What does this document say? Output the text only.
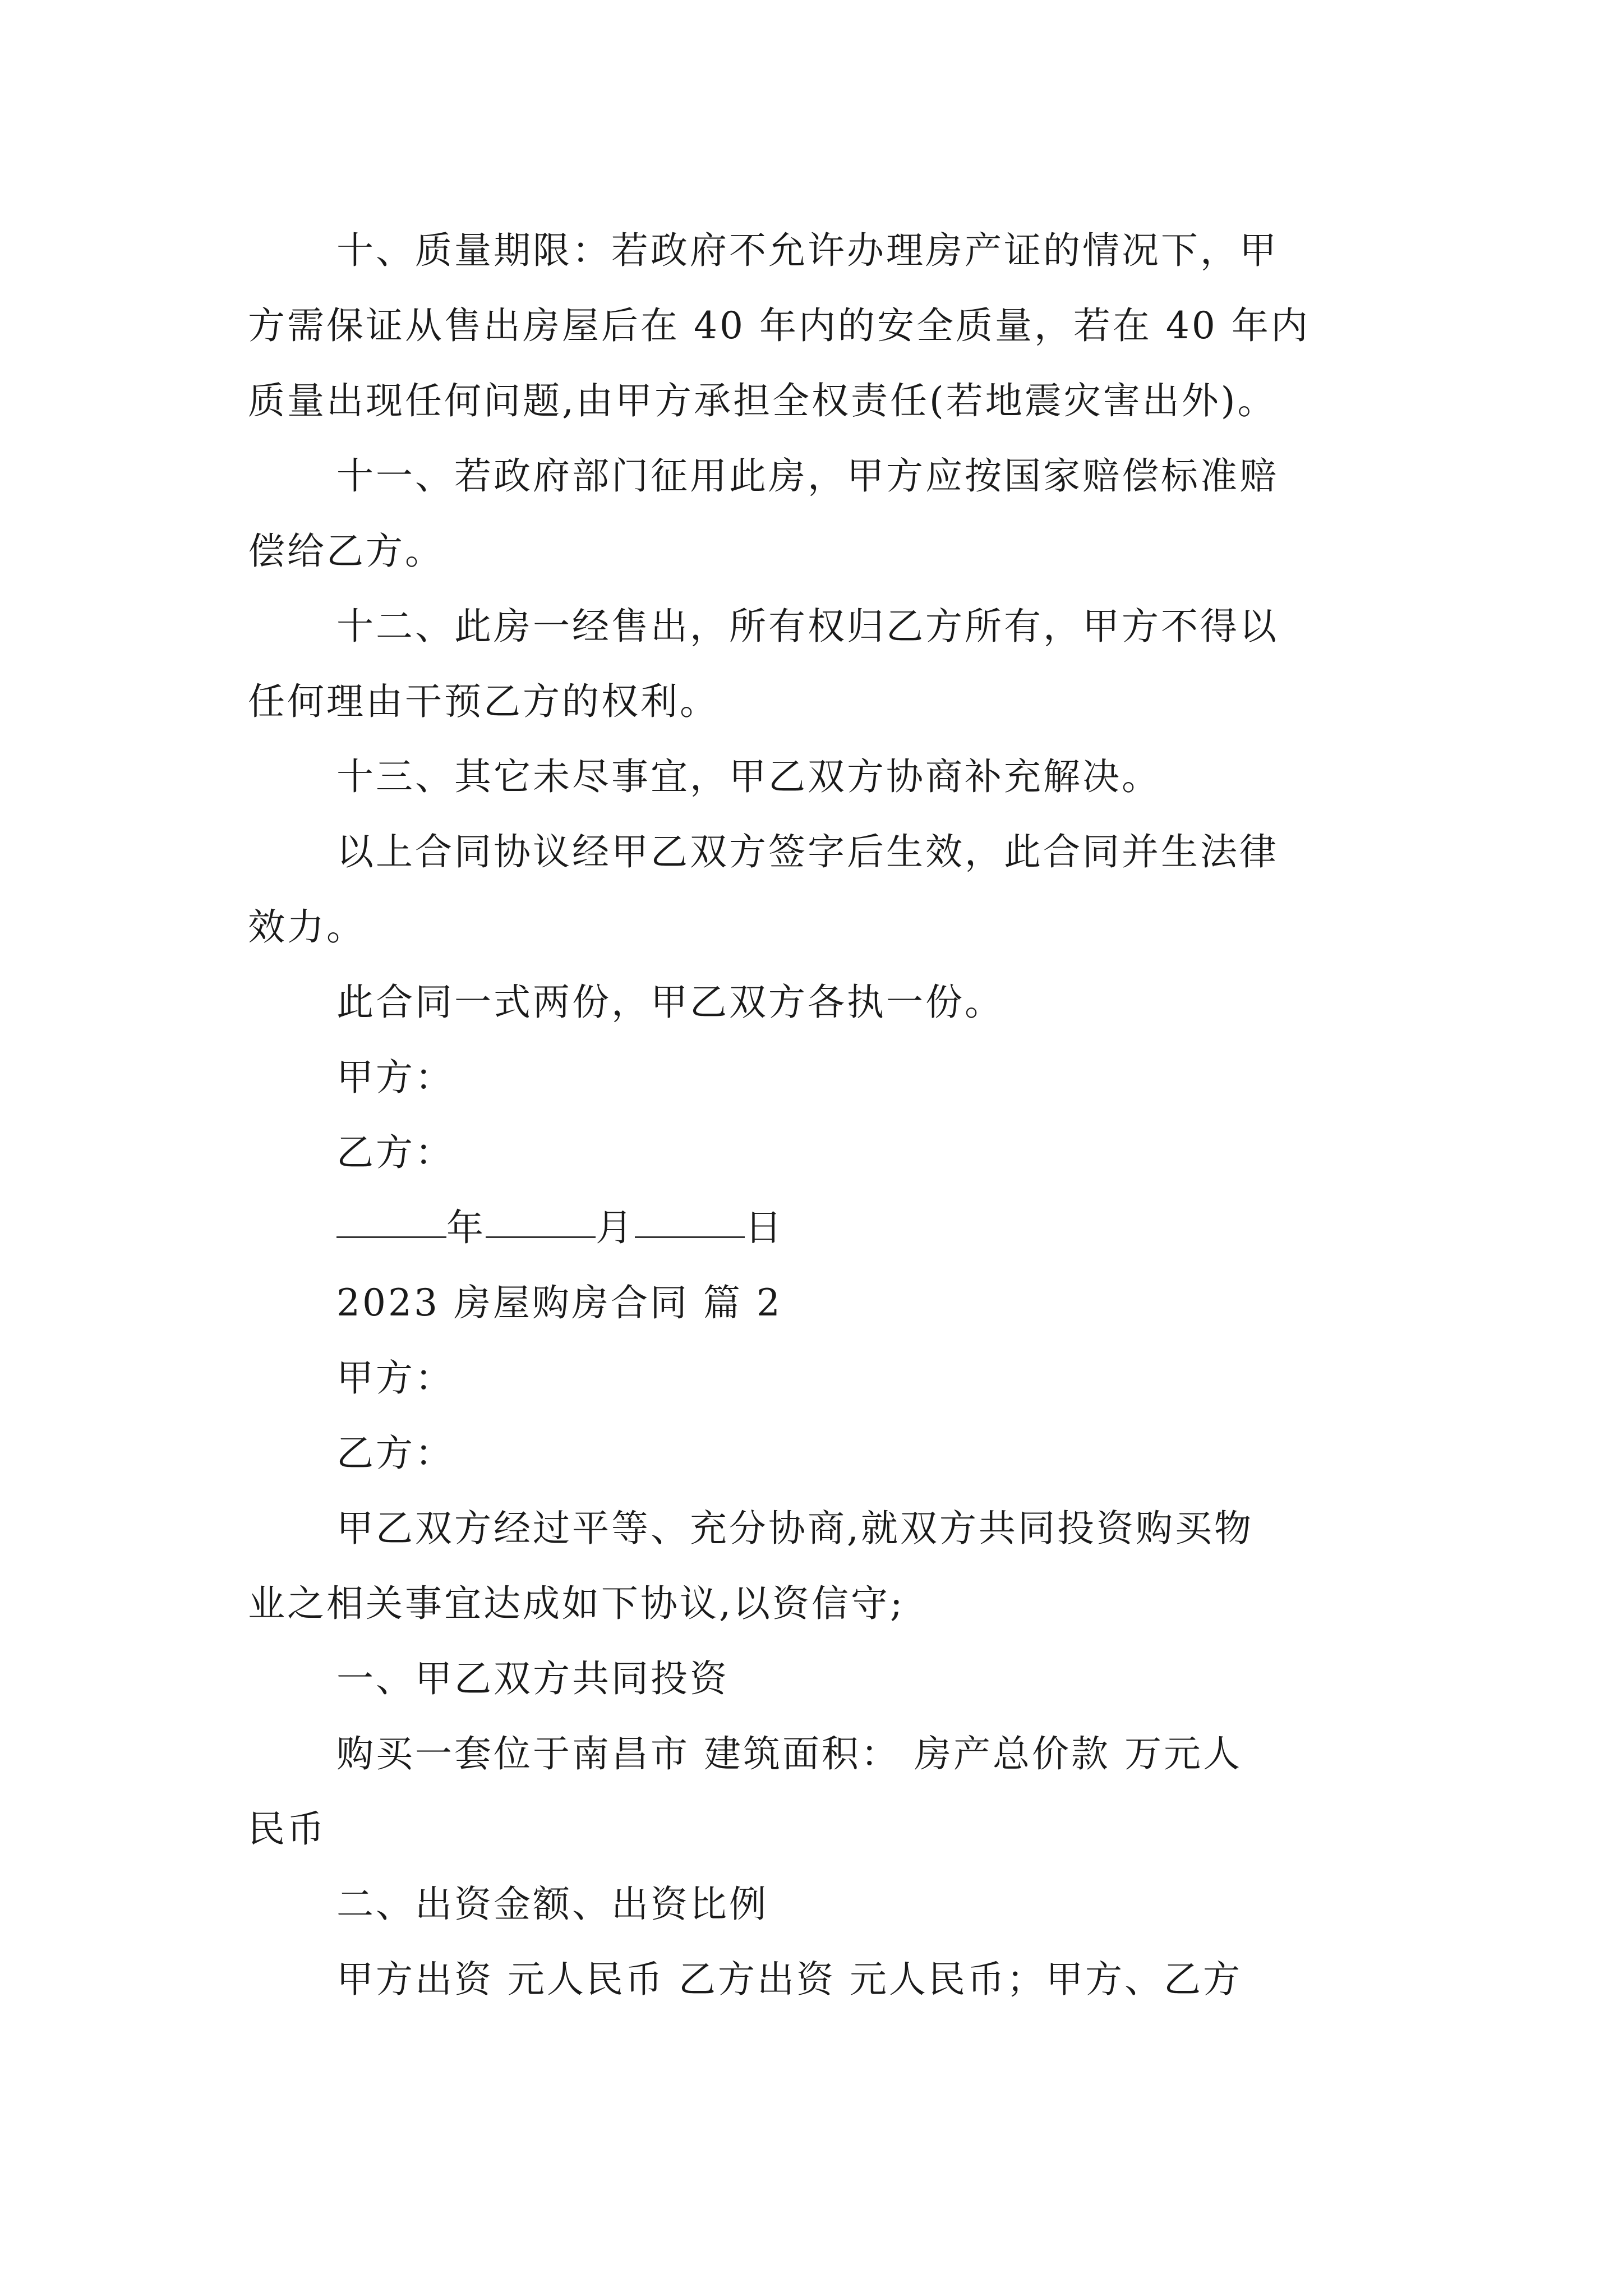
十、质量期限：若政府不允许办理房产证的情况下，甲

方需保证从售出房屋后在 40 年内的安全质量，若在 40 年内

质量出现任何问题,由甲方承担全权责任(若地震灾害出外)。

十一、若政府部门征用此房，甲方应按国家赔偿标准赔

偿给乙方。

十二、此房一经售出，所有权归乙方所有，甲方不得以

任何理由干预乙方的权利。

十三、其它未尽事宜，甲乙双方协商补充解决。

以上合同协议经甲乙双方签字后生效，此合同并生法律

效力。

此合同一式两份，甲乙双方各执一份。

甲方：

乙方：

年	月	日

2023 房屋购房合同 篇 2

甲方：

乙方：

甲乙双方经过平等、充分协商,就双方共同投资购买物

业之相关事宜达成如下协议,以资信守;

一、甲乙双方共同投资

购买一套位于南昌市 建筑面积： 房产总价款 万元人

民币

二、出资金额、出资比例

甲方出资 元人民币 乙方出资 元人民币；甲方、乙方
